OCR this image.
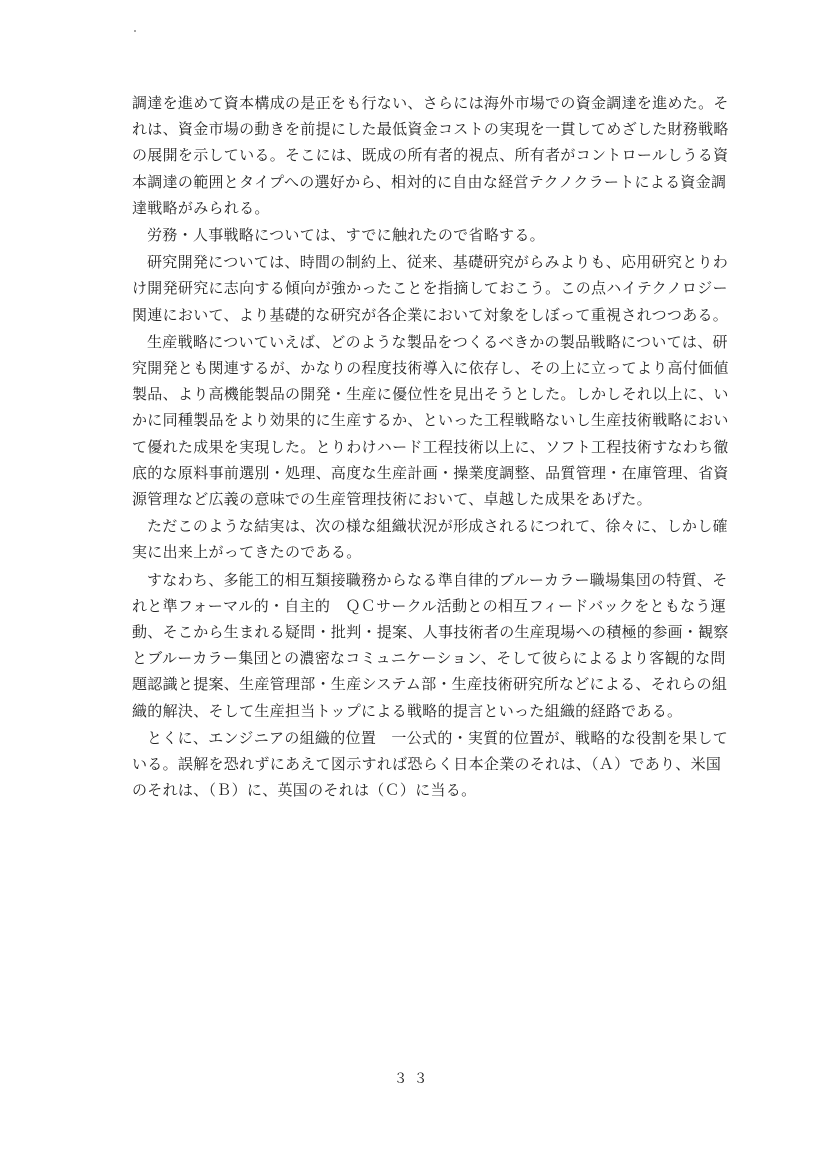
調達を進めて資本構成の是正をも行ない、さらには海外市場での資金調達を進めた。それは、資金市場の動きを前提にした最低資金コストの実現を一貫してめざした財務戦略の展開を示している。そこには、既成の所有者的視点、所有者がコントロールしうる資本調達の範囲とタイプへの選好から、相対的に自由な経営テクノクラートによる資金調達戦略がみられる。

労務・人事戦略については、すでに触れたので省略する。

研究開発については、時間の制約上、従来、基礎研究がらみよりも、応用研究とりわけ開発研究に志向する傾向が強かったことを指摘しておこう。この点ハイテクノロジー関連において、より基礎的な研究が各企業において対象をしぼって重視されつつある。

生産戦略についていえば、どのような製品をつくるべきかの製品戦略については、研究開発とも関連するが、かなりの程度技術導入に依存し、その上に立ってより高付価値製品、より高機能製品の開発・生産に優位性を見出そうとした。しかしそれ以上に、いかに同種製品をより効果的に生産するか、といった工程戦略ないし生産技術戦略において優れた成果を実現した。とりわけハード工程技術以上に、ソフト工程技術すなわち徹底的な原料事前選別・処理、高度な生産計画・操業度調整、品質管理・在庫管理、省資源管理など広義の意味での生産管理技術において、卓越した成果をあげた。

ただこのような結実は、次の様な組織状況が形成されるにつれて、徐々に、しかし確実に出来上がってきたのである。

すなわち、多能工的相互類接職務からなる準自律的ブルーカラー職場集団の特質、それと準フォーマル的・自主的　ＱＣサークル活動との相互フィードバックをともなう運動、そこから生まれる疑問・批判・提案、人事技術者の生産現場への積極的参画・観察とブルーカラー集団との濃密なコミュニケーション、そして彼らによるより客観的な問題認識と提案、生産管理部・生産システム部・生産技術研究所などによる、それらの組織的解決、そして生産担当トップによる戦略的提言といった組織的経路である。

とくに、エンジニアの組織的位置　一公式的・実質的位置が、戦略的な役割を果している。誤解を恐れずにあえて図示すれば恐らく日本企業のそれは、（Ａ）であり、米国のそれは、（Ｂ）に、英国のそれは（Ｃ）に当る。

３３
